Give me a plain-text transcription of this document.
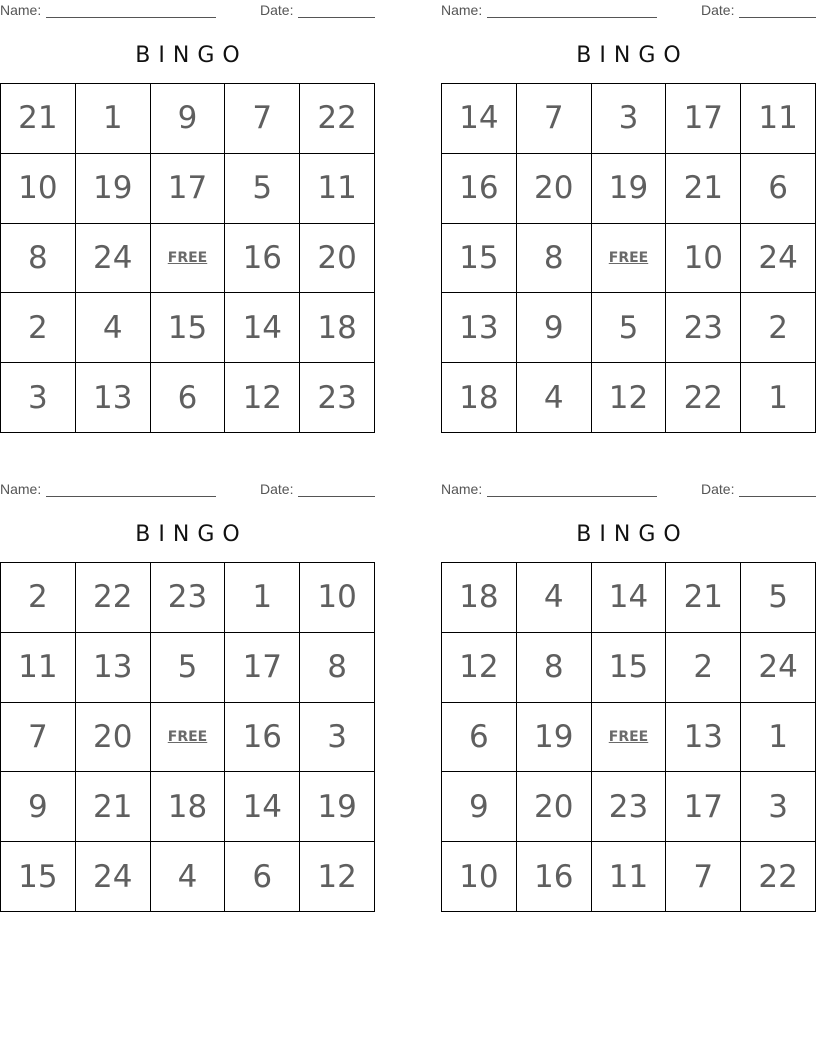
Name:	Date:
BINGO
21	1	9	7	22
10	19	17	5	11
8	24	FREE	16	20
2	4	15	14	18
3	13	6	12	23
Name:	Date:
BINGO
14	7	3	17	11
16	20	19	21	6
15	8	FREE	10	24
13	9	5	23	2
18	4	12	22	1
Name:	Date:
BINGO
2	22	23	1	10
11	13	5	17	8
7	20	FREE	16	3
9	21	18	14	19
15	24	4	6	12
Name:	Date:
BINGO
18	4	14	21	5
12	8	15	2	24
6	19	FREE	13	1
9	20	23	17	3
10	16	11	7	22
